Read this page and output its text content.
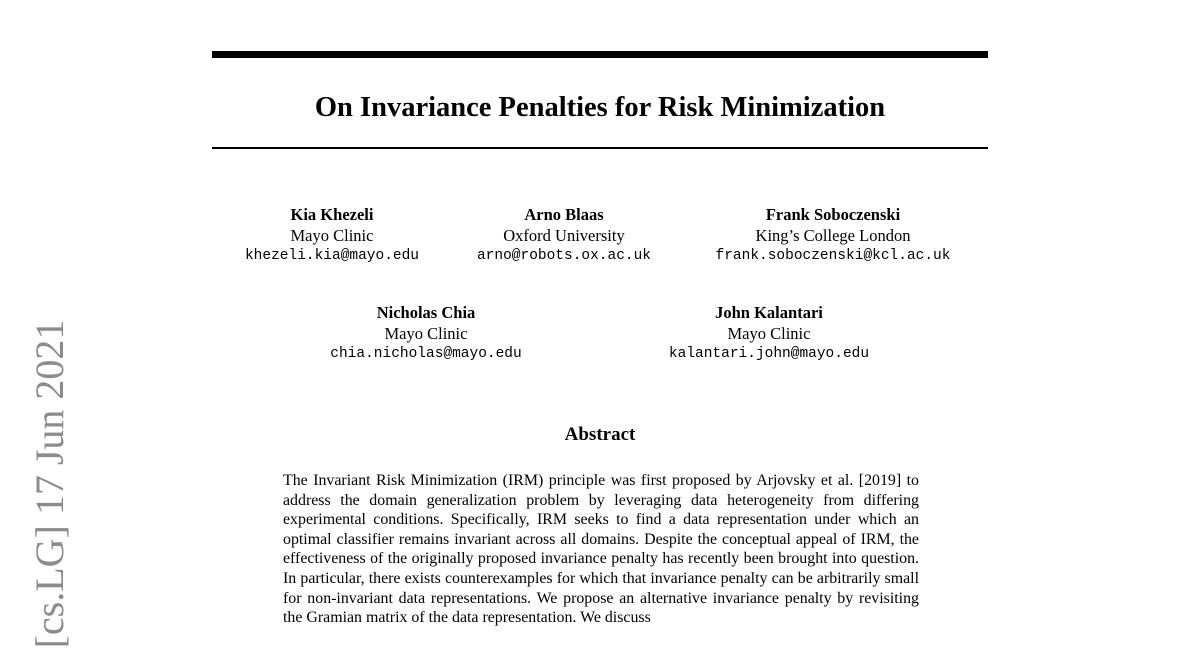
On Invariance Penalties for Risk Minimization
Kia Khezeli
Mayo Clinic
khezeli.kia@mayo.edu
Arno Blaas
Oxford University
arno@robots.ox.ac.uk
Frank Soboczenski
King’s College London
frank.soboczenski@kcl.ac.uk
Nicholas Chia
Mayo Clinic
chia.nicholas@mayo.edu
John Kalantari
Mayo Clinic
kalantari.john@mayo.edu
Abstract

The Invariant Risk Minimization (IRM) principle was first proposed by Arjovsky et al. [2019] to address the domain generalization problem by leveraging data heterogeneity from differing experimental conditions. Specifically, IRM seeks to find a data representation under which an optimal classifier remains invariant across all domains. Despite the conceptual appeal of IRM, the effectiveness of the originally proposed invariance penalty has recently been brought into question. In particular, there exists counterexamples for which that invariance penalty can be arbitrarily small for non-invariant data representations. We propose an alternative invariance penalty by revisiting the Gramian matrix of the data representation. We discuss

[cs.LG] 17 Jun 2021
